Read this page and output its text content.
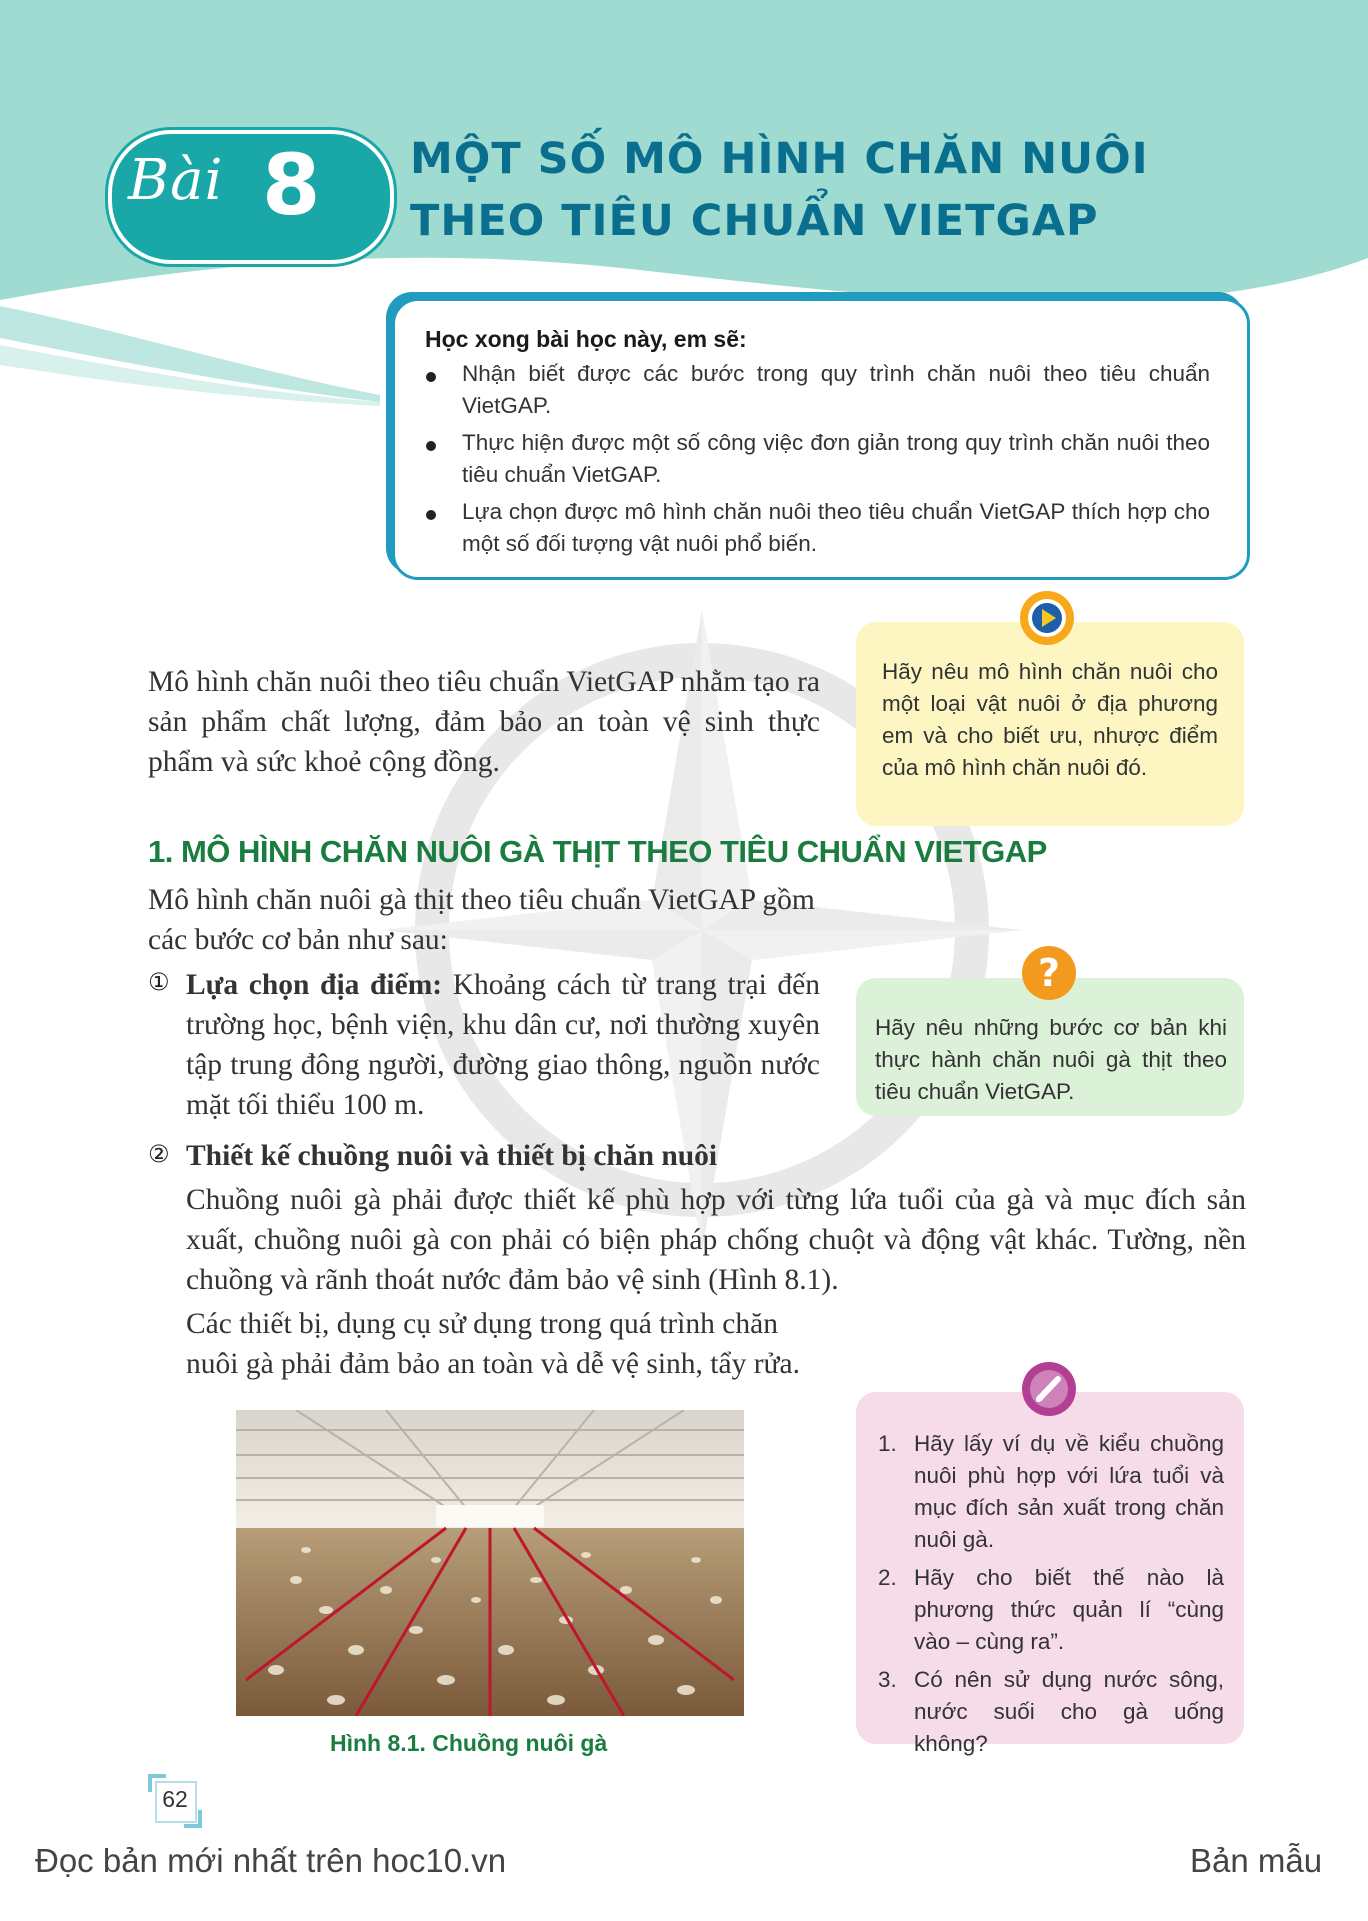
Bài 8 MỘT SỐ MÔ HÌNH CHĂN NUÔI
THEO TIÊU CHUẨN VIETGAP
Học xong bài học này, em sẽ:
Nhận biết được các bước trong quy trình chăn nuôi theo tiêu chuẩn VietGAP.
Thực hiện được một số công việc đơn giản trong quy trình chăn nuôi theo tiêu chuẩn VietGAP.
Lựa chọn được mô hình chăn nuôi theo tiêu chuẩn VietGAP thích hợp cho một số đối tượng vật nuôi phổ biến.
Mô hình chăn nuôi theo tiêu chuẩn VietGAP nhằm tạo ra sản phẩm chất lượng, đảm bảo an toàn vệ sinh thực phẩm và sức khoẻ cộng đồng.
Hãy nêu mô hình chăn nuôi cho một loại vật nuôi ở địa phương em và cho biết ưu, nhược điểm của mô hình chăn nuôi đó.
1. MÔ HÌNH CHĂN NUÔI GÀ THỊT THEO TIÊU CHUẨN VIETGAP
Mô hình chăn nuôi gà thịt theo tiêu chuẩn VietGAP gồm các bước cơ bản như sau:
① Lựa chọn địa điểm: Khoảng cách từ trang trại đến trường học, bệnh viện, khu dân cư, nơi thường xuyên tập trung đông người, đường giao thông, nguồn nước mặt tối thiểu 100 m.
?
Hãy nêu những bước cơ bản khi thực hành chăn nuôi gà thịt theo tiêu chuẩn VietGAP.
② Thiết kế chuồng nuôi và thiết bị chăn nuôi
Chuồng nuôi gà phải được thiết kế phù hợp với từng lứa tuổi của gà và mục đích sản xuất, chuồng nuôi gà con phải có biện pháp chống chuột và động vật khác. Tường, nền chuồng và rãnh thoát nước đảm bảo vệ sinh (Hình 8.1).
Các thiết bị, dụng cụ sử dụng trong quá trình chăn nuôi gà phải đảm bảo an toàn và dễ vệ sinh, tẩy rửa.
Hình 8.1. Chuồng nuôi gà
1. Hãy lấy ví dụ về kiểu chuồng nuôi phù hợp với lứa tuổi và mục đích sản xuất trong chăn nuôi gà.
2. Hãy cho biết thế nào là phương thức quản lí “cùng vào – cùng ra”.
3. Có nên sử dụng nước sông, nước suối cho gà uống không?
62
Đọc bản mới nhất trên hoc10.vn	Bản mẫu
